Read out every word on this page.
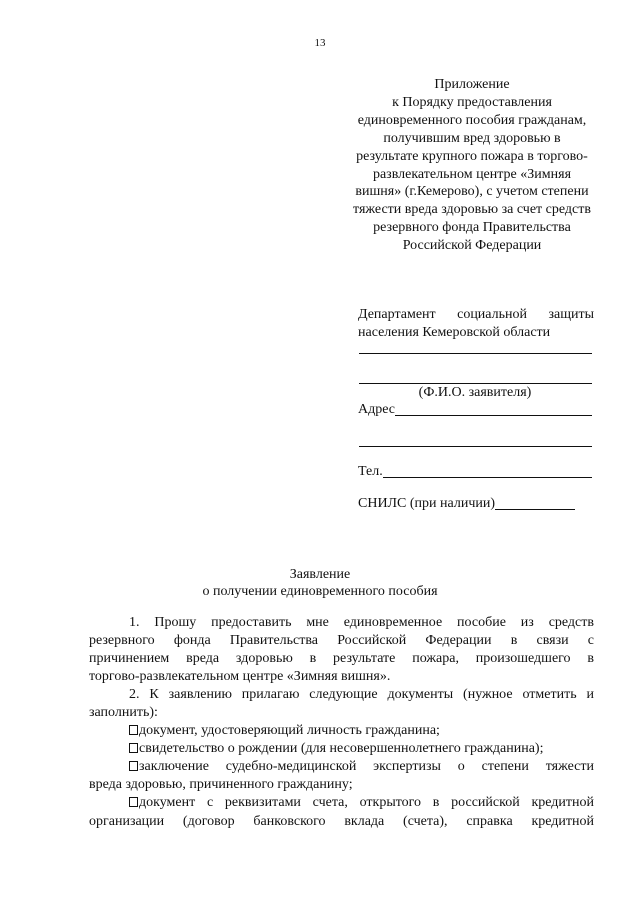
13
Приложение
к Порядку предоставления
единовременного пособия гражданам,
получившим вред здоровью в
результате крупного пожара в торгово-
развлекательном центре «Зимняя
вишня» (г.Кемерово), с учетом степени
тяжести вреда здоровью за счет средств
резервного фонда Правительства
Российской Федерации
Департамент социальной защиты
населения Кемеровской области
(Ф.И.О. заявителя)
Адрес
Тел.
СНИЛС (при наличии)
Заявление
о получении единовременного пособия
1. Прошу предоставить мне единовременное пособие из средств
резервного фонда Правительства Российской Федерации в связи с
причинением вреда здоровью в результате пожара, произошедшего в
торгово-развлекательном центре «Зимняя вишня».
2. К заявлению прилагаю следующие документы (нужное отметить и
заполнить):
документ, удостоверяющий личность гражданина;
свидетельство о рождении (для несовершеннолетнего гражданина);
заключение судебно-медицинской экспертизы о степени тяжести
вреда здоровью, причиненного гражданину;
документ с реквизитами счета, открытого в российской кредитной
организации (договор банковского вклада (счета), справка кредитной
